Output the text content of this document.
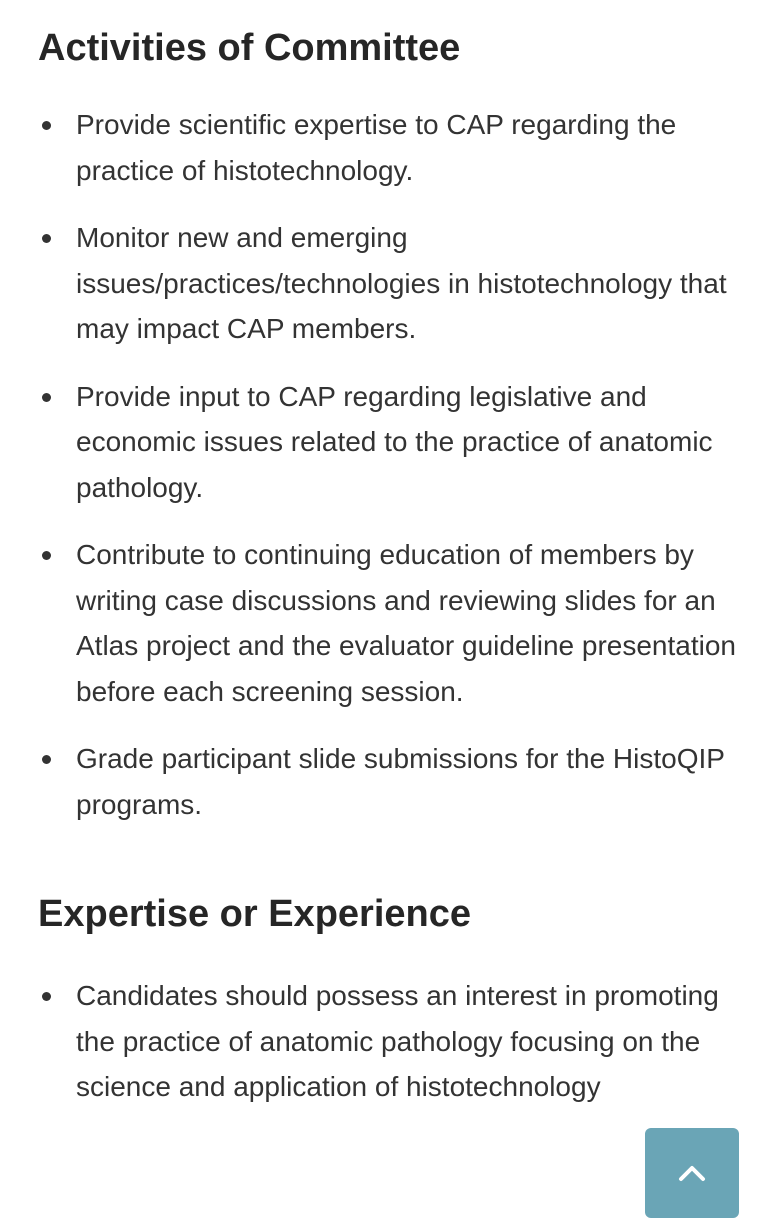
Activities of Committee
Provide scientific expertise to CAP regarding the practice of histotechnology.
Monitor new and emerging issues/practices/technologies in histotechnology that may impact CAP members.
Provide input to CAP regarding legislative and economic issues related to the practice of anatomic pathology.
Contribute to continuing education of members by writing case discussions and reviewing slides for an Atlas project and the evaluator guideline presentation before each screening session.
Grade participant slide submissions for the HistoQIP programs.
Expertise or Experience
Candidates should possess an interest in promoting the practice of anatomic pathology focusing on the science and application of histotechnology
